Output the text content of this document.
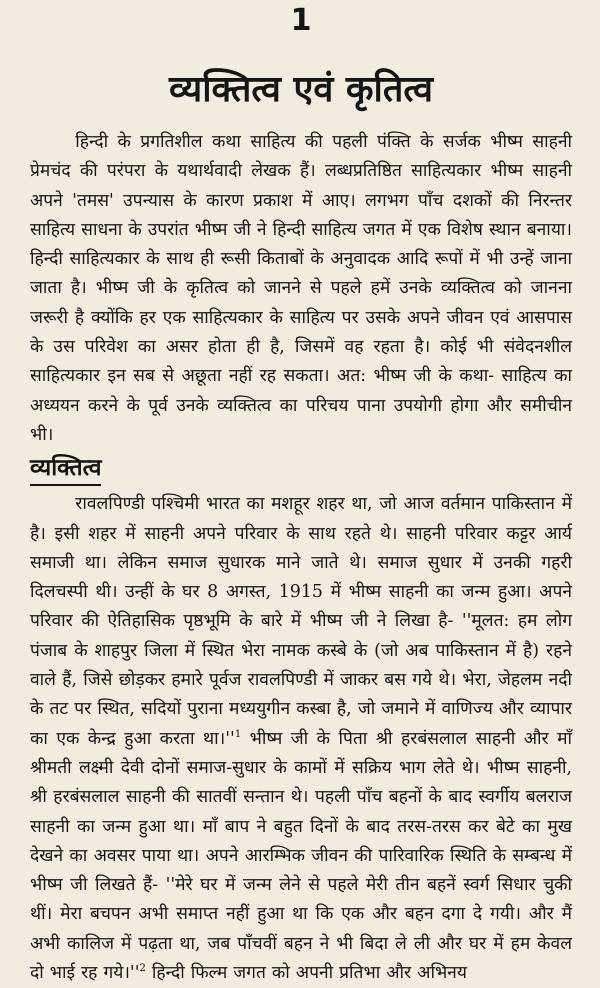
1
व्यक्तित्व एवं कृतित्व

हिन्दी के प्रगतिशील कथा साहित्य की पहली पंक्ति के सर्जक भीष्म साहनी प्रेमचंद की परंपरा के यथार्थवादी लेखक हैं। लब्धप्रतिष्ठित साहित्यकार भीष्म साहनी अपने 'तमस' उपन्यास के कारण प्रकाश में आए। लगभग पाँच दशकों की निरन्तर साहित्य साधना के उपरांत भीष्म जी ने हिन्दी साहित्य जगत में एक विशेष स्थान बनाया। हिन्दी साहित्यकार के साथ ही रूसी किताबों के अनुवादक आदि रूपों में भी उन्हें जाना जाता है। भीष्म जी के कृतित्व को जानने से पहले हमें उनके व्यक्तित्व को जानना जरूरी है क्योंकि हर एक साहित्यकार के साहित्य पर उसके अपने जीवन एवं आसपास के उस परिवेश का असर होता ही है, जिसमें वह रहता है। कोई भी संवेदनशील साहित्यकार इन सब से अछूता नहीं रह सकता। अत: भीष्म जी के कथा- साहित्य का अध्ययन करने के पूर्व उनके व्यक्तित्व का परिचय पाना उपयोगी होगा और समीचीन भी।

व्यक्तित्व

रावलपिण्डी पश्चिमी भारत का मशहूर शहर था, जो आज वर्तमान पाकिस्तान में है। इसी शहर में साहनी अपने परिवार के साथ रहते थे। साहनी परिवार कट्टर आर्य समाजी था। लेकिन समाज सुधारक माने जाते थे। समाज सुधार में उनकी गहरी दिलचस्पी थी। उन्हीं के घर 8 अगस्त, 1915 में भीष्म साहनी का जन्म हुआ। अपने परिवार की ऐतिहासिक पृष्ठभूमि के बारे में भीष्म जी ने लिखा है- ''मूलत: हम लोग पंजाब के शाहपुर जिला में स्थित भेरा नामक कस्बे के (जो अब पाकिस्तान में है) रहने वाले हैं, जिसे छोड़कर हमारे पूर्वज रावलपिण्डी में जाकर बस गये थे। भेरा, जेहलम नदी के तट पर स्थित, सदियों पुराना मध्ययुगीन कस्बा है, जो जमाने में वाणिज्य और व्यापार का एक केन्द्र हुआ करता $था।''^1$ भीष्म जी के पिता श्री हरबंसलाल साहनी और माँ श्रीमती लक्ष्मी देवी दोनों समाज-सुधार के कामों में सक्रिय भाग लेते थे। भीष्म साहनी, श्री हरबंसलाल साहनी की सातवीं सन्तान थे। पहली पाँच बहनों के बाद स्वर्गीय बलराज साहनी का जन्म हुआ था। माँ बाप ने बहुत दिनों के बाद तरस-तरस कर बेटे का मुख देखने का अवसर पाया था। अपने आरम्भिक जीवन की पारिवारिक स्थिति के सम्बन्ध में भीष्म जी लिखते हैं- ''मेरे घर में जन्म लेने से पहले मेरी तीन बहनें स्वर्ग सिधार चुकी थीं। मेरा बचपन अभी समाप्त नहीं हुआ था कि एक और बहन दगा दे गयी। और मैं अभी कालिज में पढ़ता था, जब पाँचवीं बहन ने भी बिदा ले ली और घर में हम केवल दो भाई रह $गये।''^2$ हिन्दी फिल्म जगत को अपनी प्रतिभा और अभिनय
